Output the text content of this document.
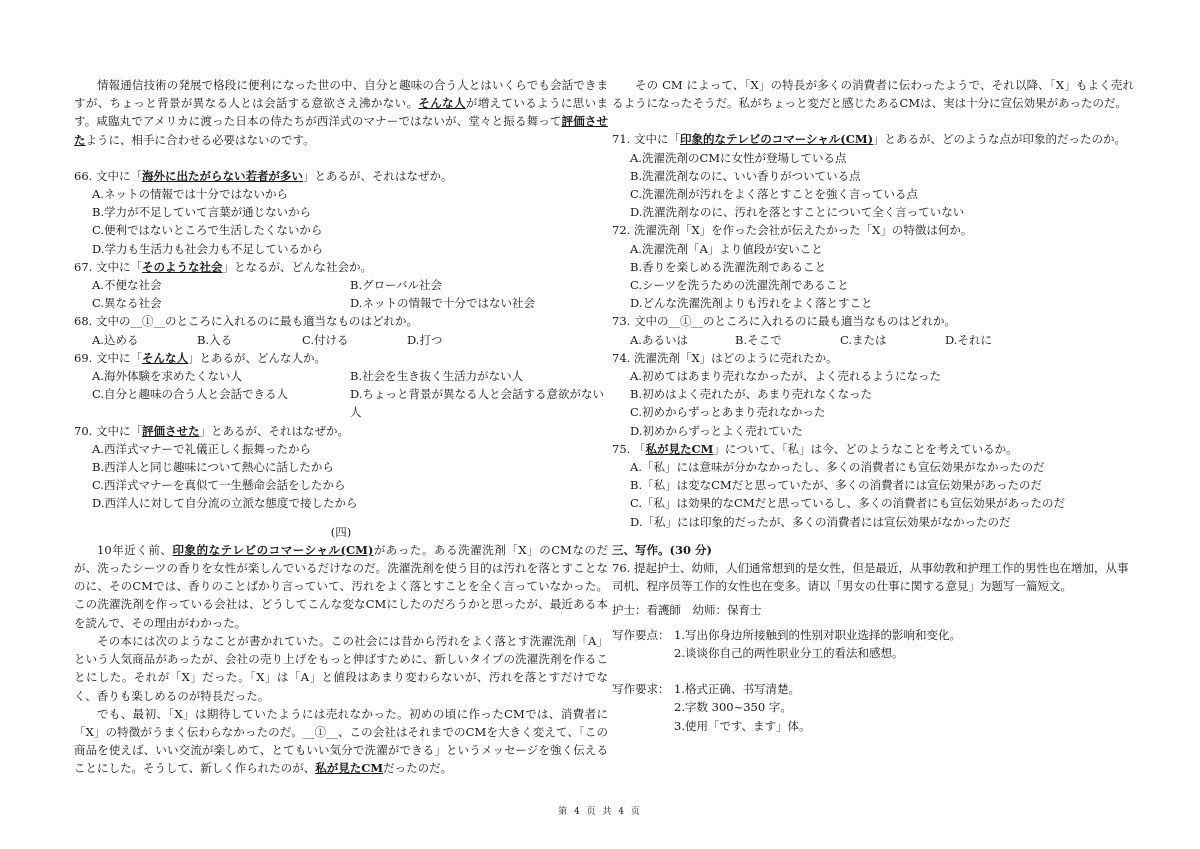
情報通信技術の発展で格段に便利になった世の中、自分と趣味の合う人とはいくらでも会話できますが、ちょっと背景が異なる人とは会話する意欲さえ沸かない。そんな人が増えているように思います。咸臨丸でアメリカに渡った日本の侍たちが西洋式のマナーではないが、堂々と振る舞って評価させたように、相手に合わせる必要はないのです。

66. 文中に「海外に出たがらない若者が多い」とあるが、それはなぜか。

A.ネットの情報では十分ではないから

B.学力が不足していて言葉が通じないから

C.便利ではないところで生活したくないから

D.学力も生活力も社会力も不足しているから

67. 文中に「そのような社会」となるが、どんな社会か。

A.不便な社会	B.グローバル社会
C.異なる社会	D.ネットの情報で十分ではない社会

68. 文中の__①__のところに入れるのに最も適当なものはどれか。

A.込める	B.入る	C.付ける	D.打つ

69. 文中に「そんな人」とあるが、どんな人か。

A.海外体験を求めたくない人	B.社会を生き抜く生活力がない人
C.自分と趣味の合う人と会話できる人	D.ちょっと背景が異なる人と会話する意欲がない人

70. 文中に「評価させた」とあるが、それはなぜか。

A.西洋式マナーで礼儀正しく振舞ったから

B.西洋人と同じ趣味について熱心に話したから

C.西洋式マナーを真似て一生懸命会話をしたから

D.西洋人に対して自分流の立派な態度で接したから

(四)

10年近く前、印象的なテレビのコマーシャル(CM)があった。ある洗濯洗剤「X」のCMなのだが、洗ったシーツの香りを女性が楽しんでいるだけなのだ。洗濯洗剤を使う目的は汚れを落とすことなのに、そのCMでは、香りのことばかり言っていて、汚れをよく落とすことを全く言っていなかった。この洗濯洗剤を作っている会社は、どうしてこんな変なCMにしたのだろうかと思ったが、最近ある本を読んで、その理由がわかった。

その本には次のようなことが書かれていた。この社会には昔から汚れをよく落とす洗濯洗剤「A」という人気商品があったが、会社の売り上げをもっと伸ばすために、新しいタイプの洗濯洗剤を作ることにした。それが「X」だった。「X」は「A」と値段はあまり変わらないが、汚れを落とすだけでなく、香りも楽しめるのが特長だった。

でも、最初、「X」は期待していたようには売れなかった。初めの頃に作ったCMでは、消費者に「X」の特徴がうまく伝わらなかったのだ。__①__、この会社はそれまでのCMを大きく変えて、「この商品を使えば、いい交流が楽しめて、とてもいい気分で洗濯ができる」というメッセージを強く伝えることにした。そうして、新しく作られたのが、私が見たCMだったのだ。

その CM によって、「X」の特長が多くの消費者に伝わったようで、それ以降、「X」もよく売れるようになったそうだ。私がちょっと変だと感じたあるCMは、実は十分に宣伝効果があったのだ。

71. 文中に「印象的なテレビのコマーシャル(CM)」とあるが、どのような点が印象的だったのか。

A.洗濯洗剤のCMに女性が登場している点

B.洗濯洗剤なのに、いい香りがついている点

C.洗濯洗剤が汚れをよく落とすことを強く言っている点

D.洗濯洗剤なのに、汚れを落とすことについて全く言っていない

72. 洗濯洗剤「X」を作った会社が伝えたかった「X」の特徴は何か。

A.洗濯洗剤「A」より値段が安いこと

B.香りを楽しめる洗濯洗剤であること

C.シーツを洗うための洗濯洗剤であること

D.どんな洗濯洗剤よりも汚れをよく落とすこと

73. 文中の__①__のところに入れるのに最も適当なものはどれか。

A.あるいは	B.そこで	C.または	D.それに

74. 洗濯洗剤「X」はどのように売れたか。

A.初めてはあまり売れなかったが、よく売れるようになった

B.初めはよく売れたが、あまり売れなくなった

C.初めからずっとあまり売れなかった

D.初めからずっとよく売れていた

75. 「私が見たCM」について、「私」は今、どのようなことを考えているか。

A.「私」には意味が分かなかったし、多くの消費者にも宣伝効果がなかったのだ

B.「私」は変なCMだと思っていたが、多くの消費者には宣伝効果があったのだ

C.「私」は効果的なCMだと思っているし、多くの消費者にも宣伝効果があったのだ

D.「私」には印象的だったが、多くの消費者には宣伝効果がなかったのだ

三、写作。(30 分)

76. 提起护士、幼师，人们通常想到的是女性，但是最近，从事幼教和护理工作的男性也在增加，从事司机、程序员等工作的女性也在变多。请以「男女の仕事に関する意見」为题写一篇短文。

护士：看護師　幼师：保育士

写作要点： 1.写出你身边所接触到的性别对职业选择的影响和变化。

2.谈谈你自己的两性职业分工的看法和感想。

写作要求： 1.格式正确、书写清楚。

2.字数 300~350 字。

3.使用「です、ます」体。

第 4 页 共 4 页
